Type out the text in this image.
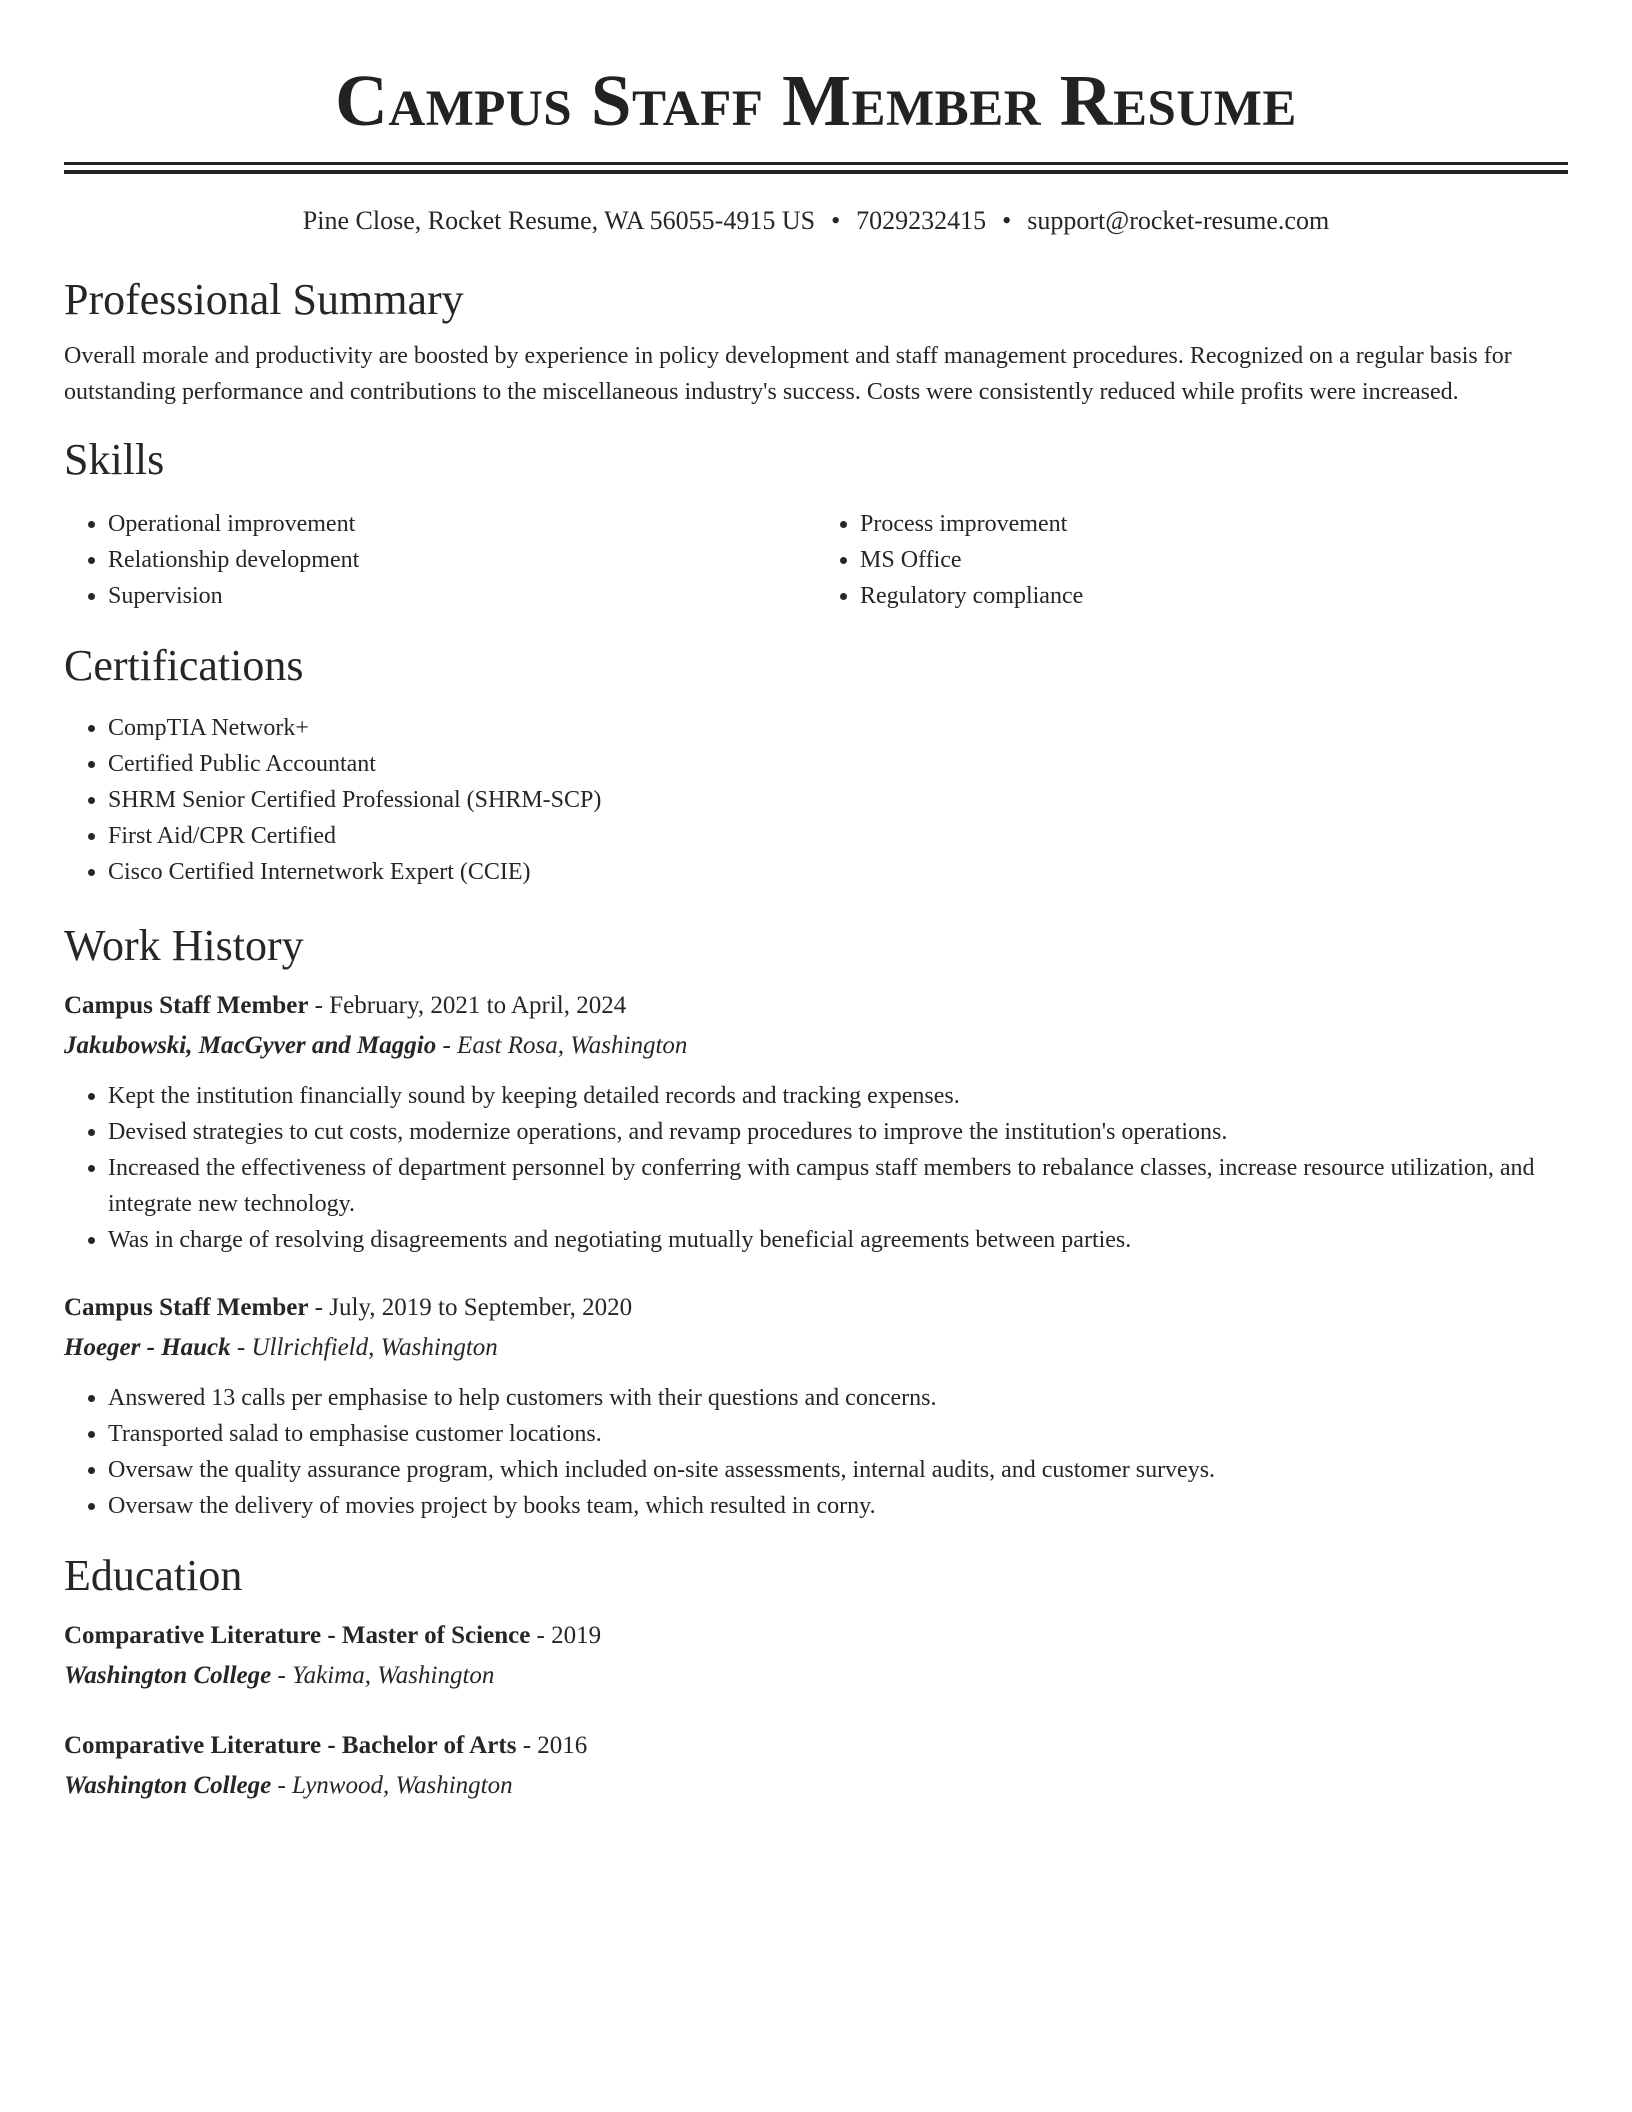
Campus Staff Member Resume
Pine Close, Rocket Resume, WA 56055-4915 US • 7029232415 • support@rocket-resume.com
Professional Summary

Overall morale and productivity are boosted by experience in policy development and staff management procedures. Recognized on a regular basis for outstanding performance and contributions to the miscellaneous industry's success. Costs were consistently reduced while profits were increased.

Skills
• Operational improvement
• Relationship development
• Supervision
• Process improvement
• MS Office
• Regulatory compliance
Certifications
• CompTIA Network+
• Certified Public Accountant
• SHRM Senior Certified Professional (SHRM-SCP)
• First Aid/CPR Certified
• Cisco Certified Internetwork Expert (CCIE)
Work History
Campus Staff Member - February, 2021 to April, 2024
Jakubowski, MacGyver and Maggio - East Rosa, Washington
• Kept the institution financially sound by keeping detailed records and tracking expenses.
• Devised strategies to cut costs, modernize operations, and revamp procedures to improve the institution's operations.
• Increased the effectiveness of department personnel by conferring with campus staff members to rebalance classes, increase resource utilization, and integrate new technology.
• Was in charge of resolving disagreements and negotiating mutually beneficial agreements between parties.
Campus Staff Member - July, 2019 to September, 2020
Hoeger - Hauck - Ullrichfield, Washington
• Answered 13 calls per emphasise to help customers with their questions and concerns.
• Transported salad to emphasise customer locations.
• Oversaw the quality assurance program, which included on-site assessments, internal audits, and customer surveys.
• Oversaw the delivery of movies project by books team, which resulted in corny.
Education
Comparative Literature - Master of Science - 2019
Washington College - Yakima, Washington
Comparative Literature - Bachelor of Arts - 2016
Washington College - Lynwood, Washington
